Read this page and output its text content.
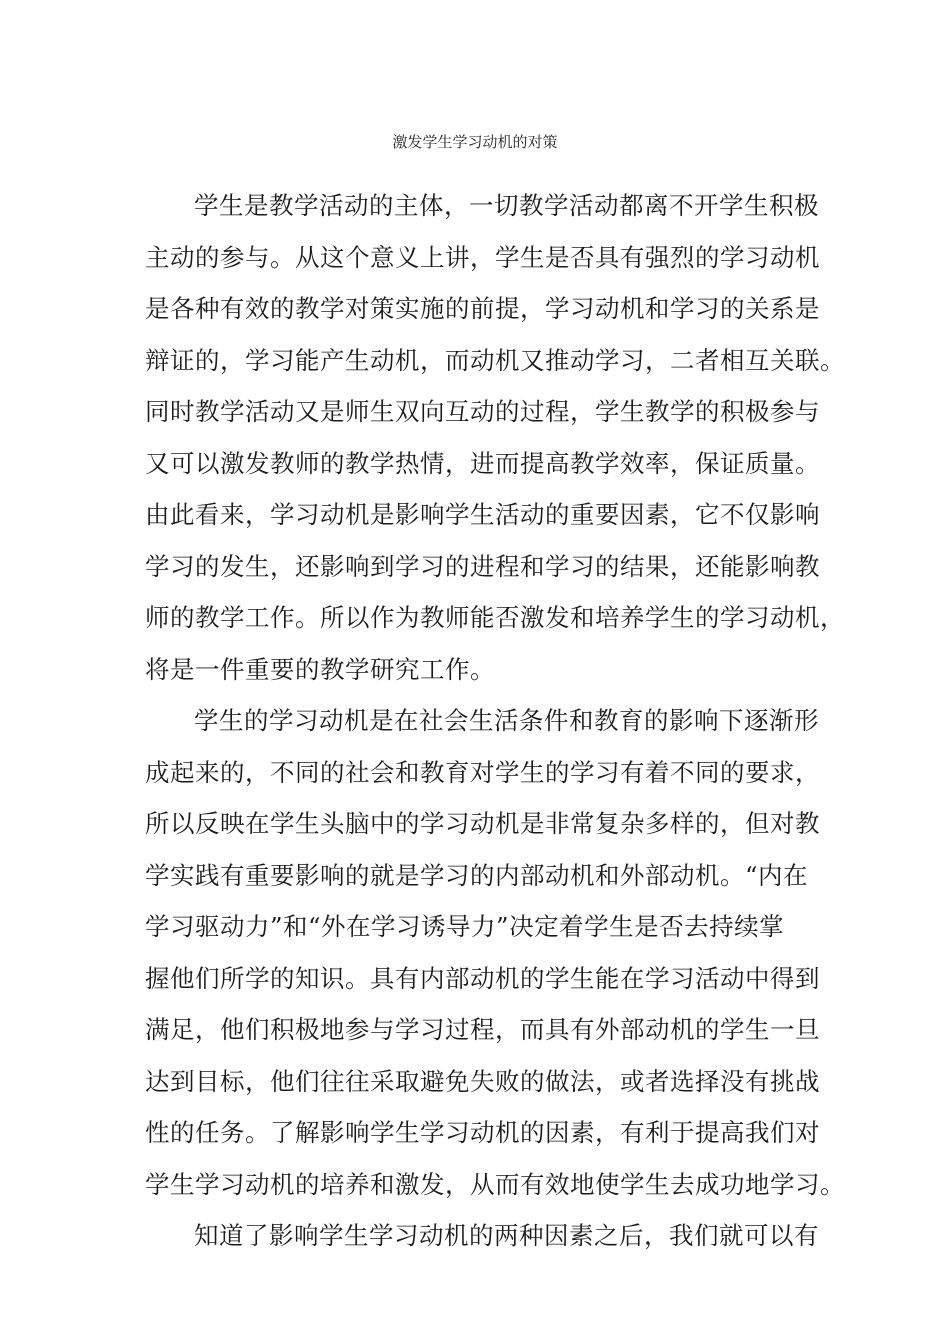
激发学生学习动机的对策
学生是教学活动的主体，一切教学活动都离不开学生积极
主动的参与。从这个意义上讲，学生是否具有强烈的学习动机
是各种有效的教学对策实施的前提，学习动机和学习的关系是
辩证的，学习能产生动机，而动机又推动学习，二者相互关联。
同时教学活动又是师生双向互动的过程，学生教学的积极参与
又可以激发教师的教学热情，进而提高教学效率，保证质量。
由此看来，学习动机是影响学生活动的重要因素，它不仅影响
学习的发生，还影响到学习的进程和学习的结果，还能影响教
师的教学工作。所以作为教师能否激发和培养学生的学习动机，
将是一件重要的教学研究工作。
学生的学习动机是在社会生活条件和教育的影响下逐渐形
成起来的，不同的社会和教育对学生的学习有着不同的要求，
所以反映在学生头脑中的学习动机是非常复杂多样的，但对教
学实践有重要影响的就是学习的内部动机和外部动机。“内在
学习驱动力”和“外在学习诱导力”决定着学生是否去持续掌
握他们所学的知识。具有内部动机的学生能在学习活动中得到
满足，他们积极地参与学习过程，而具有外部动机的学生一旦
达到目标，他们往往采取避免失败的做法，或者选择没有挑战
性的任务。了解影响学生学习动机的因素，有利于提高我们对
学生学习动机的培养和激发，从而有效地使学生去成功地学习。
知道了影响学生学习动机的两种因素之后，我们就可以有
